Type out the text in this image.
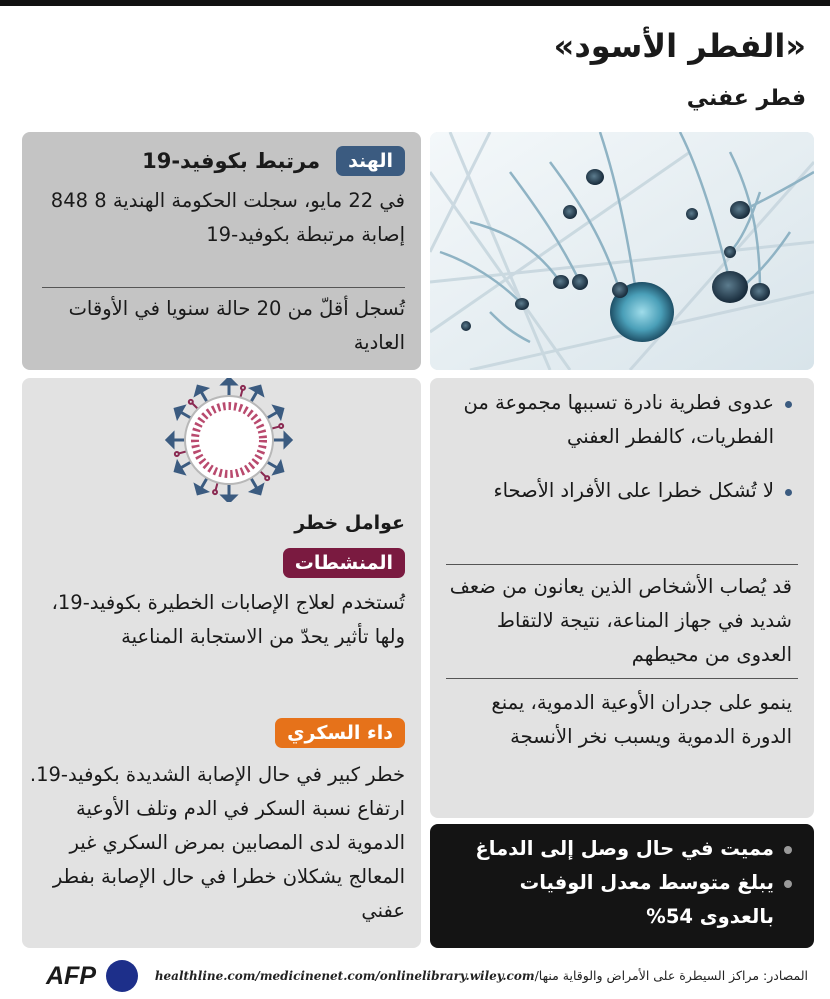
«الفطر الأسود»
فطر عفني
الهند
مرتبط بكوفيد-19
في 22 مايو، سجلت الحكومة الهندية 8 848 إصابة مرتبطة بكوفيد-19
تُسجل أقلّ من 20 حالة سنويا في الأوقات العادية
عوامل خطر
المنشطات
تُستخدم لعلاج الإصابات الخطيرة بكوفيد-19، ولها تأثير يحدّ من الاستجابة المناعية
داء السكري
خطر كبير في حال الإصابة الشديدة بكوفيد-19. ارتفاع نسبة السكر في الدم وتلف الأوعية الدموية لدى المصابين بمرض السكري غير المعالج يشكلان خطرا في حال الإصابة بفطر عفني
عدوى فطرية نادرة تسببها مجموعة من الفطريات، كالفطر العفني
لا تُشكل خطرا على الأفراد الأصحاء
قد يُصاب الأشخاص الذين يعانون من ضعف شديد في جهاز المناعة، نتيجة لالتقاط العدوى من محيطهم
ينمو على جدران الأوعية الدموية، يمنع الدورة الدموية ويسبب نخر الأنسجة
مميت في حال وصل إلى الدماغ
يبلغ متوسط معدل الوفيات بالعدوى 54%
AFP	المصادر: مراكز السيطرة على الأمراض والوقاية منها/healthline.com/medicinenet.com/onlinelibrary.wiley.com
